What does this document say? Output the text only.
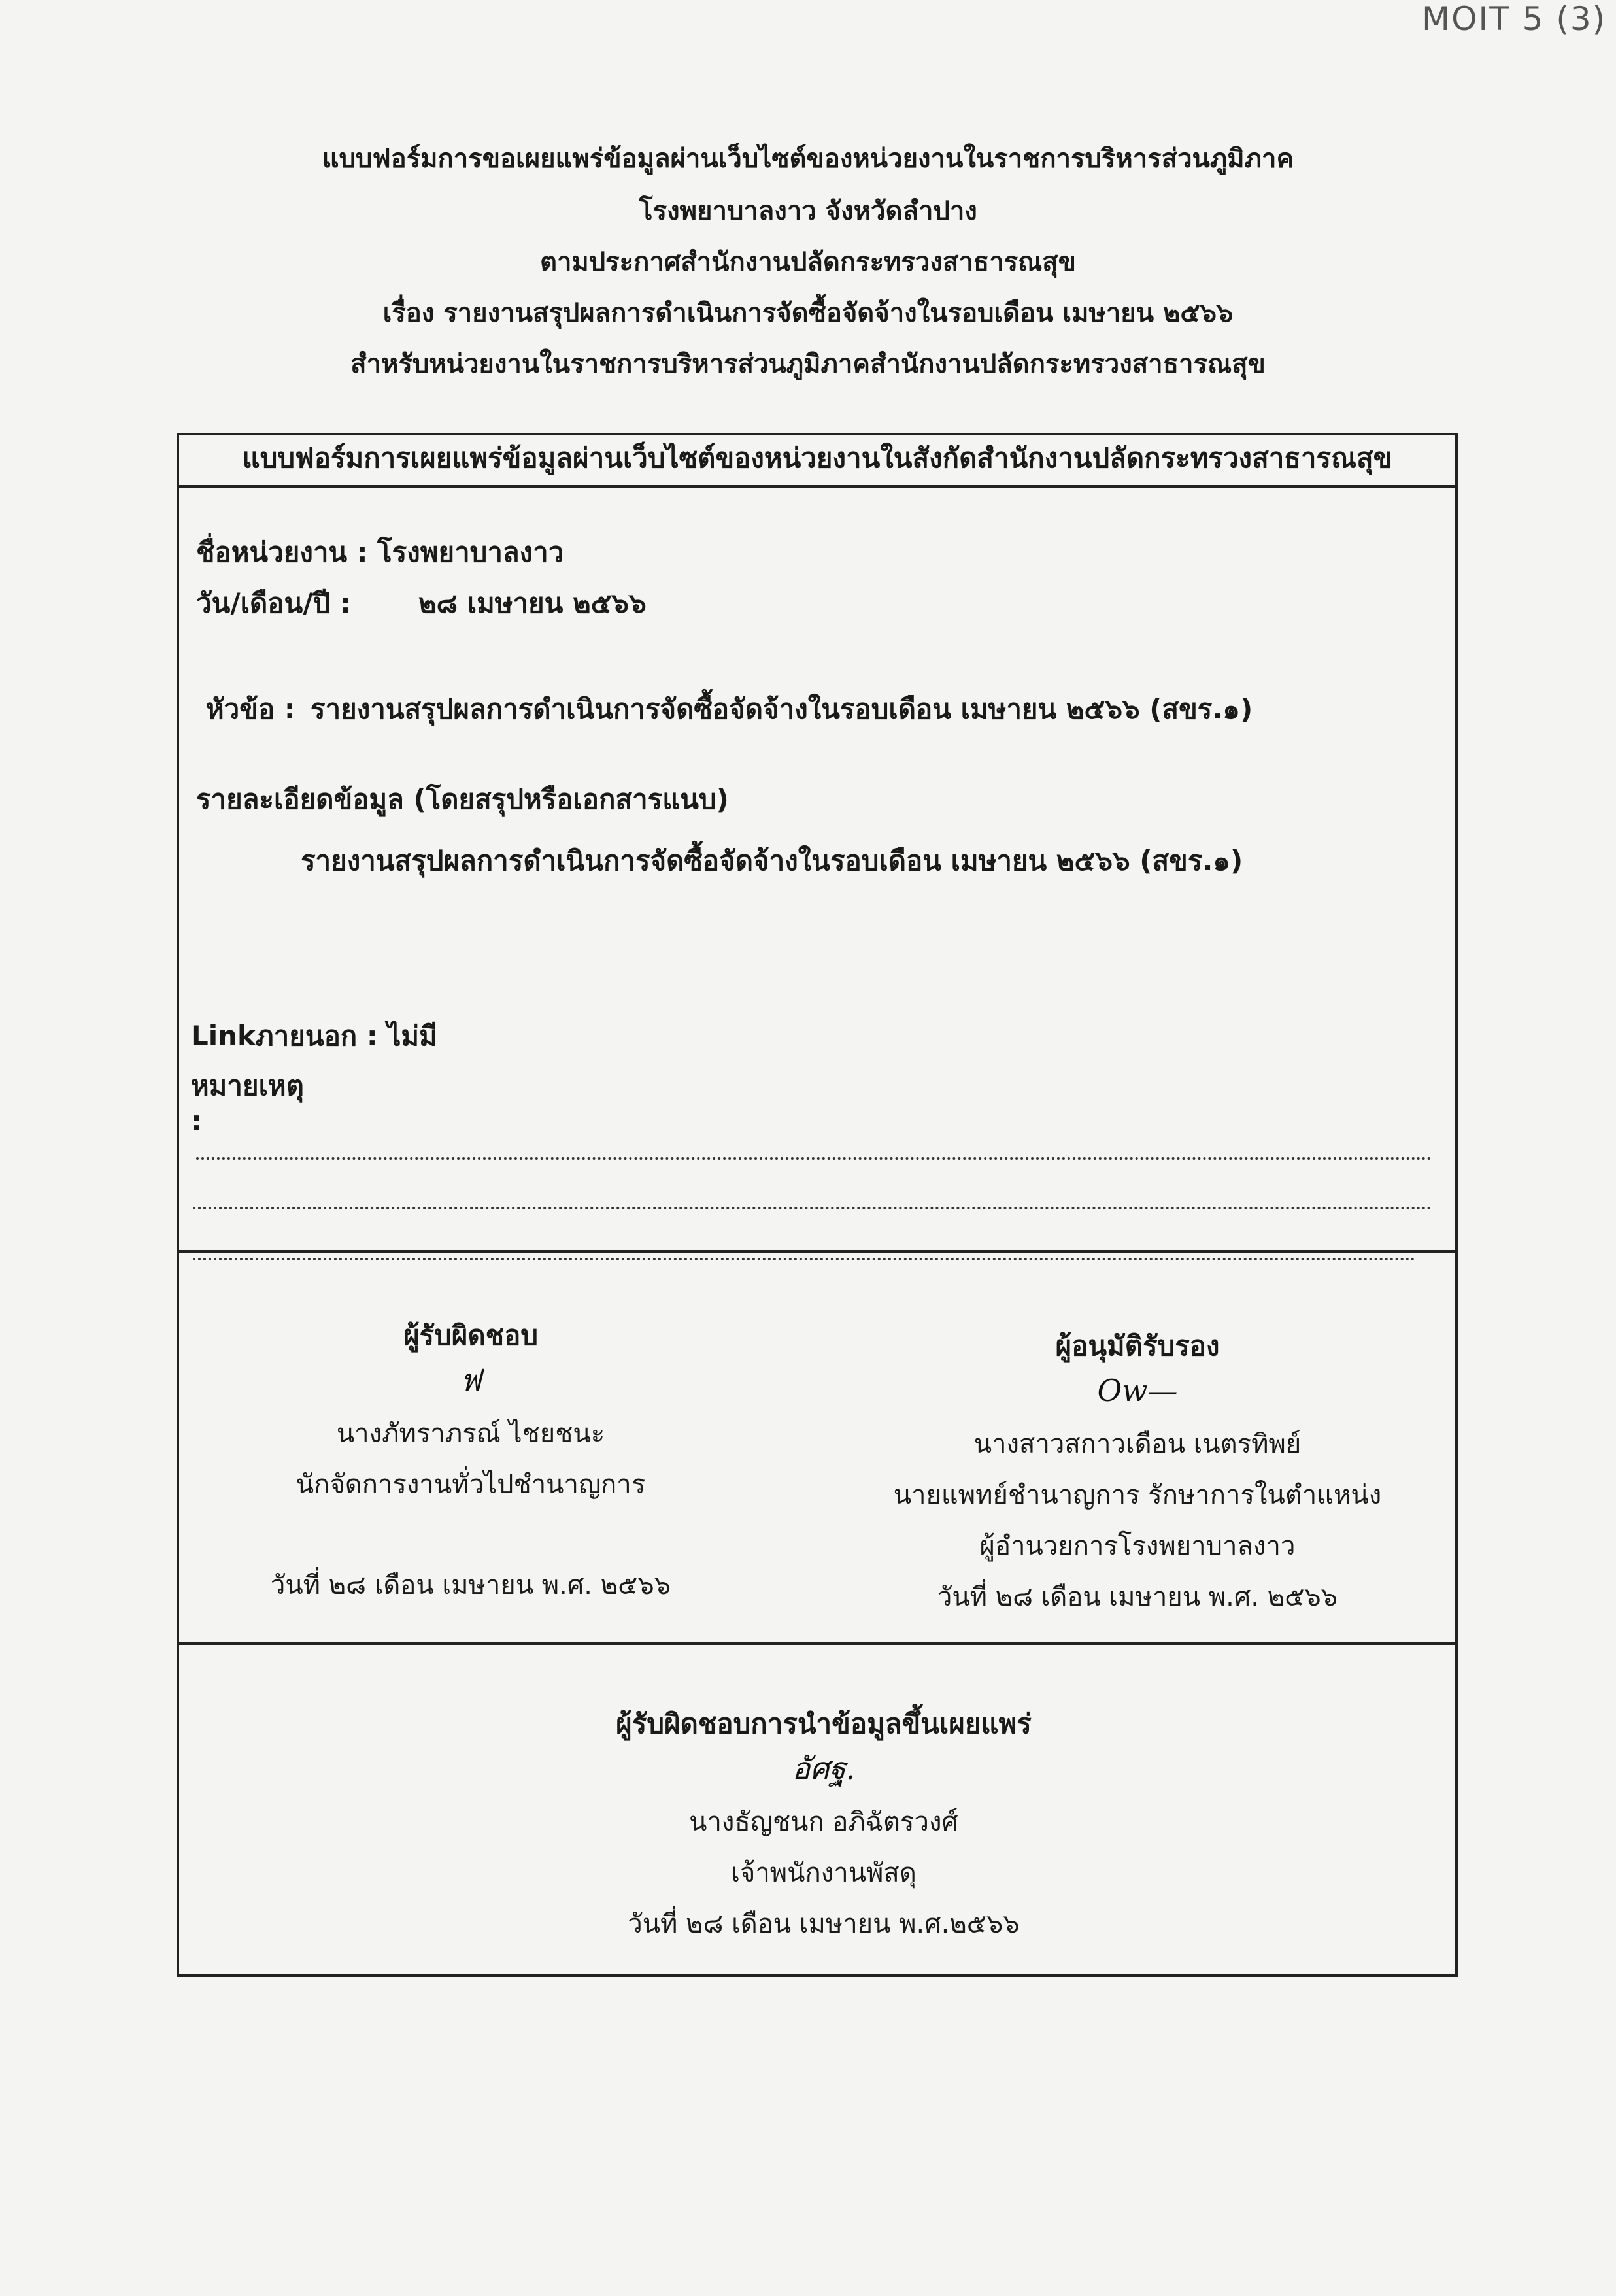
MOIT 5 (3)
แบบฟอร์มการขอเผยแพร่ข้อมูลผ่านเว็บไซต์ของหน่วยงานในราชการบริหารส่วนภูมิภาค
โรงพยาบาลงาว จังหวัดลำปาง
ตามประกาศสำนักงานปลัดกระทรวงสาธารณสุข
เรื่อง รายงานสรุปผลการดำเนินการจัดซื้อจัดจ้างในรอบเดือน เมษายน ๒๕๖๖
สำหรับหน่วยงานในราชการบริหารส่วนภูมิภาคสำนักงานปลัดกระทรวงสาธารณสุข
แบบฟอร์มการเผยแพร่ข้อมูลผ่านเว็บไซต์ของหน่วยงานในสังกัดสำนักงานปลัดกระทรวงสาธารณสุข
ชื่อหน่วยงาน : โรงพยาบาลงาว
วัน/เดือน/ปี : ๒๘ เมษายน ๒๕๖๖
หัวข้อ : รายงานสรุปผลการดำเนินการจัดซื้อจัดจ้างในรอบเดือน เมษายน ๒๕๖๖ (สขร.๑)
รายละเอียดข้อมูล (โดยสรุปหรือเอกสารแนบ)
รายงานสรุปผลการดำเนินการจัดซื้อจัดจ้างในรอบเดือน เมษายน ๒๕๖๖ (สขร.๑)
Linkภายนอก : ไม่มี
หมายเหตุ
:
ผู้รับผิดชอบ
ฟ
นางภัทราภรณ์ ไชยชนะ
นักจัดการงานทั่วไปชำนาญการ
วันที่ ๒๘ เดือน เมษายน พ.ศ. ๒๕๖๖
ผู้อนุมัติรับรอง
Ow—
นางสาวสกาวเดือน เนตรทิพย์
นายแพทย์ชำนาญการ รักษาการในตำแหน่ง
ผู้อำนวยการโรงพยาบาลงาว
วันที่ ๒๘ เดือน เมษายน พ.ศ. ๒๕๖๖
ผู้รับผิดชอบการนำข้อมูลขึ้นเผยแพร่
อัศฐ.
นางธัญชนก อภิฉัตรวงศ์
เจ้าพนักงานพัสดุ
วันที่ ๒๘ เดือน เมษายน พ.ศ.๒๕๖๖
